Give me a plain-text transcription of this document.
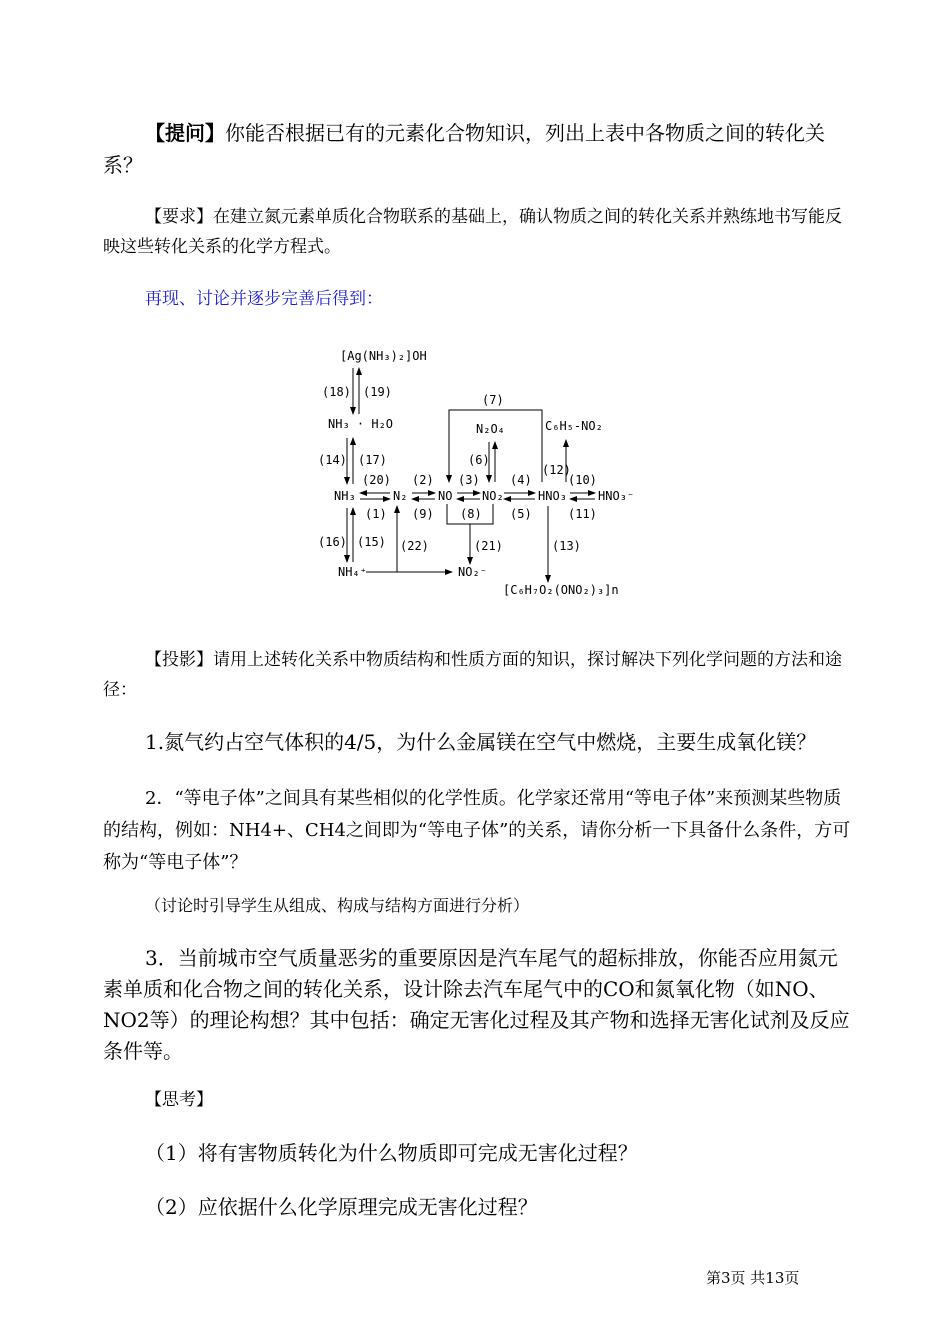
【提问】你能否根据已有的元素化合物知识，列出上表中各物质之间的转化关系？

【要求】在建立氮元素单质化合物联系的基础上，确认物质之间的转化关系并熟练地书写能反映这些转化关系的化学方程式。

再现、讨论并逐步完善后得到：

[Ag(NH₃)₂]OH
NH₃ · H₂O
NH₃	N₂	NO NO₂	HNO₃	HNO₃⁻
N₂O₄	C₆H₅-NO₂
NH₄⁺	NO₂⁻
[C₆H₇O₂(ONO₂)₃]n
(18) (19)
(14) (17)
(20)
(1)
(2)
(9)
(3)	(4)
(5)
(10)
(11)
(6)
(7)
(12)
(8)
(21)	(13)
(16) (15) (22)

【投影】请用上述转化关系中物质结构和性质方面的知识，探讨解决下列化学问题的方法和途径：

1.氮气约占空气体积的4/5，为什么金属镁在空气中燃烧，主要生成氧化镁？

2．“等电子体”之间具有某些相似的化学性质。化学家还常用“等电子体”来预测某些物质的结构，例如：NH4+、CH4之间即为“等电子体”的关系，请你分析一下具备什么条件，方可称为“等电子体”？

（讨论时引导学生从组成、构成与结构方面进行分析）

3．当前城市空气质量恶劣的重要原因是汽车尾气的超标排放，你能否应用氮元素单质和化合物之间的转化关系，设计除去汽车尾气中的CO和氮氧化物（如NO、NO2等）的理论构想？其中包括：确定无害化过程及其产物和选择无害化试剂及反应条件等。

【思考】

（1）将有害物质转化为什么物质即可完成无害化过程？

（2）应依据什么化学原理完成无害化过程？

第3页 共13页
